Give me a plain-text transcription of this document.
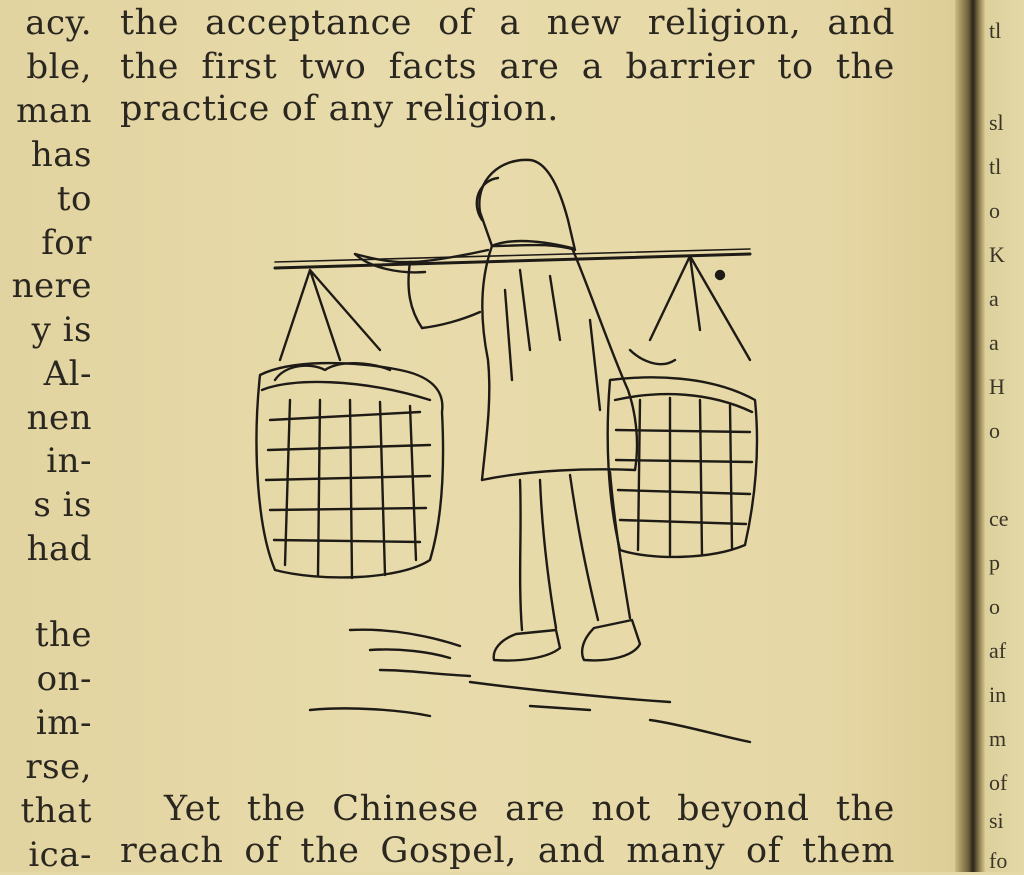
tl
sl
tl
o
K
a
a
H
o
ce
p
o
af
in
m
of
si
fo
acy.
ble,
man
has
to
for
nere
y is
Al-
nen
in-
s is
had
the
on-
im-
rse,
that
ica-
the acceptance of a new religion, and
the first two facts are a barrier to the
practice of any religion.
Yet the Chinese are not beyond the
reach of the Gospel, and many of them
